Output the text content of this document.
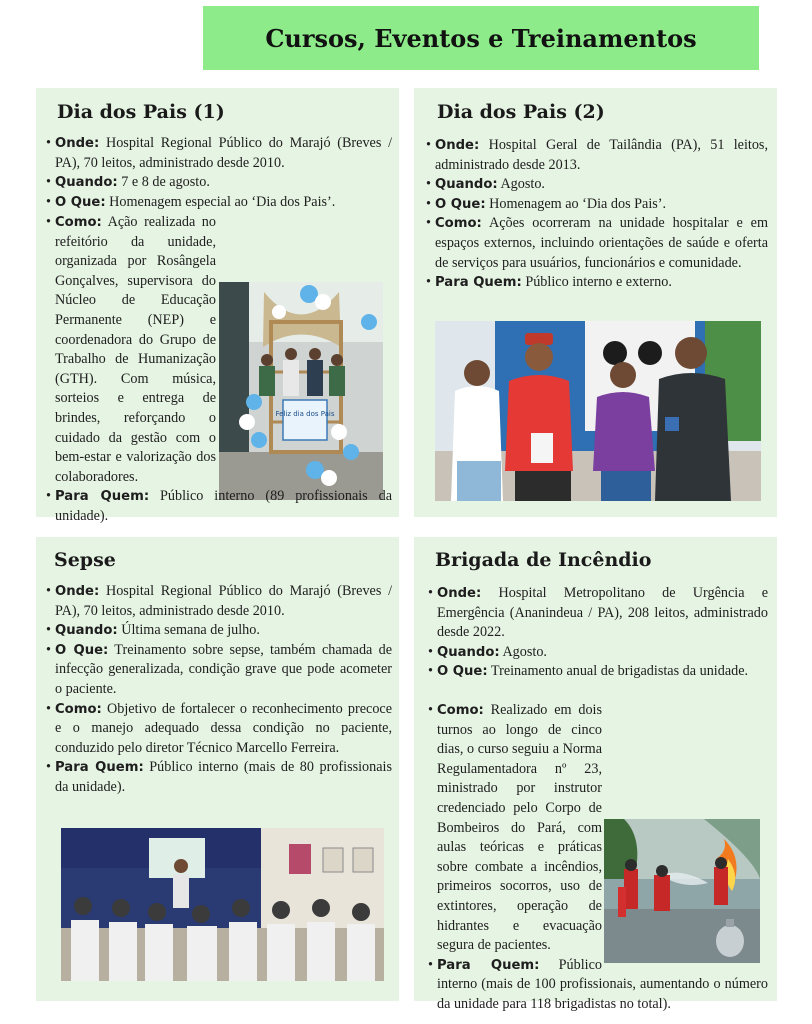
Cursos, Eventos e Treinamentos
Dia dos Pais (1)
Feliz dia dos Pais

• Onde: Hospital Regional Público do Marajó (Breves / PA), 70 leitos, administrado desde 2010.

• Quando: 7 e 8 de agosto.

• O Que: Homenagem especial ao ‘Dia dos Pais’.

• Como: Ação realizada no refeitório da unidade, organizada por Rosângela Gonçalves, supervisora do Núcleo de Educação Permanente (NEP) e coordenadora do Grupo de Trabalho de Humanização (GTH). Com música, sorteios e entrega de brindes, reforçando o cuidado da gestão com o bem-estar e valorização dos colaboradores.

• Para Quem: Público interno (89 profissionais da unidade).

Dia dos Pais (2)

• Onde: Hospital Geral de Tailândia (PA), 51 leitos, administrado desde 2013.

• Quando: Agosto.

• O Que: Homenagem ao ‘Dia dos Pais’.

• Como: Ações ocorreram na unidade hospitalar e em espaços externos, incluindo orientações de saúde e oferta de serviços para usuários, funcionários e comunidade.

• Para Quem: Público interno e externo.

Sepse

• Onde: Hospital Regional Público do Marajó (Breves / PA), 70 leitos, administrado desde 2010.

• Quando: Última semana de julho.

• O Que: Treinamento sobre sepse, também chamada de infecção generalizada, condição grave que pode acometer o paciente.

• Como: Objetivo de fortalecer o reconhecimento precoce e o manejo adequado dessa condição no paciente, conduzido pelo diretor Técnico Marcello Ferreira.

• Para Quem: Público interno (mais de 80 profissionais da unidade).

Brigada de Incêndio

• Onde: Hospital Metropolitano de Urgência e Emergência (Ananindeua / PA), 208 leitos, administrado desde 2022.

• Quando: Agosto.

• O Que: Treinamento anual de brigadistas da unidade.

• Como: Realizado em dois turnos ao longo de cinco dias, o curso seguiu a Norma Regulamentadora nº 23, ministrado por instrutor credenciado pelo Corpo de Bombeiros do Pará, com aulas teóricas e práticas sobre combate a incêndios, primeiros socorros, uso de extintores, operação de hidrantes e evacuação segura de pacientes.

• Para Quem: Público interno (mais de 100 profissionais, aumentando o número da unidade para 118 brigadistas no total).
